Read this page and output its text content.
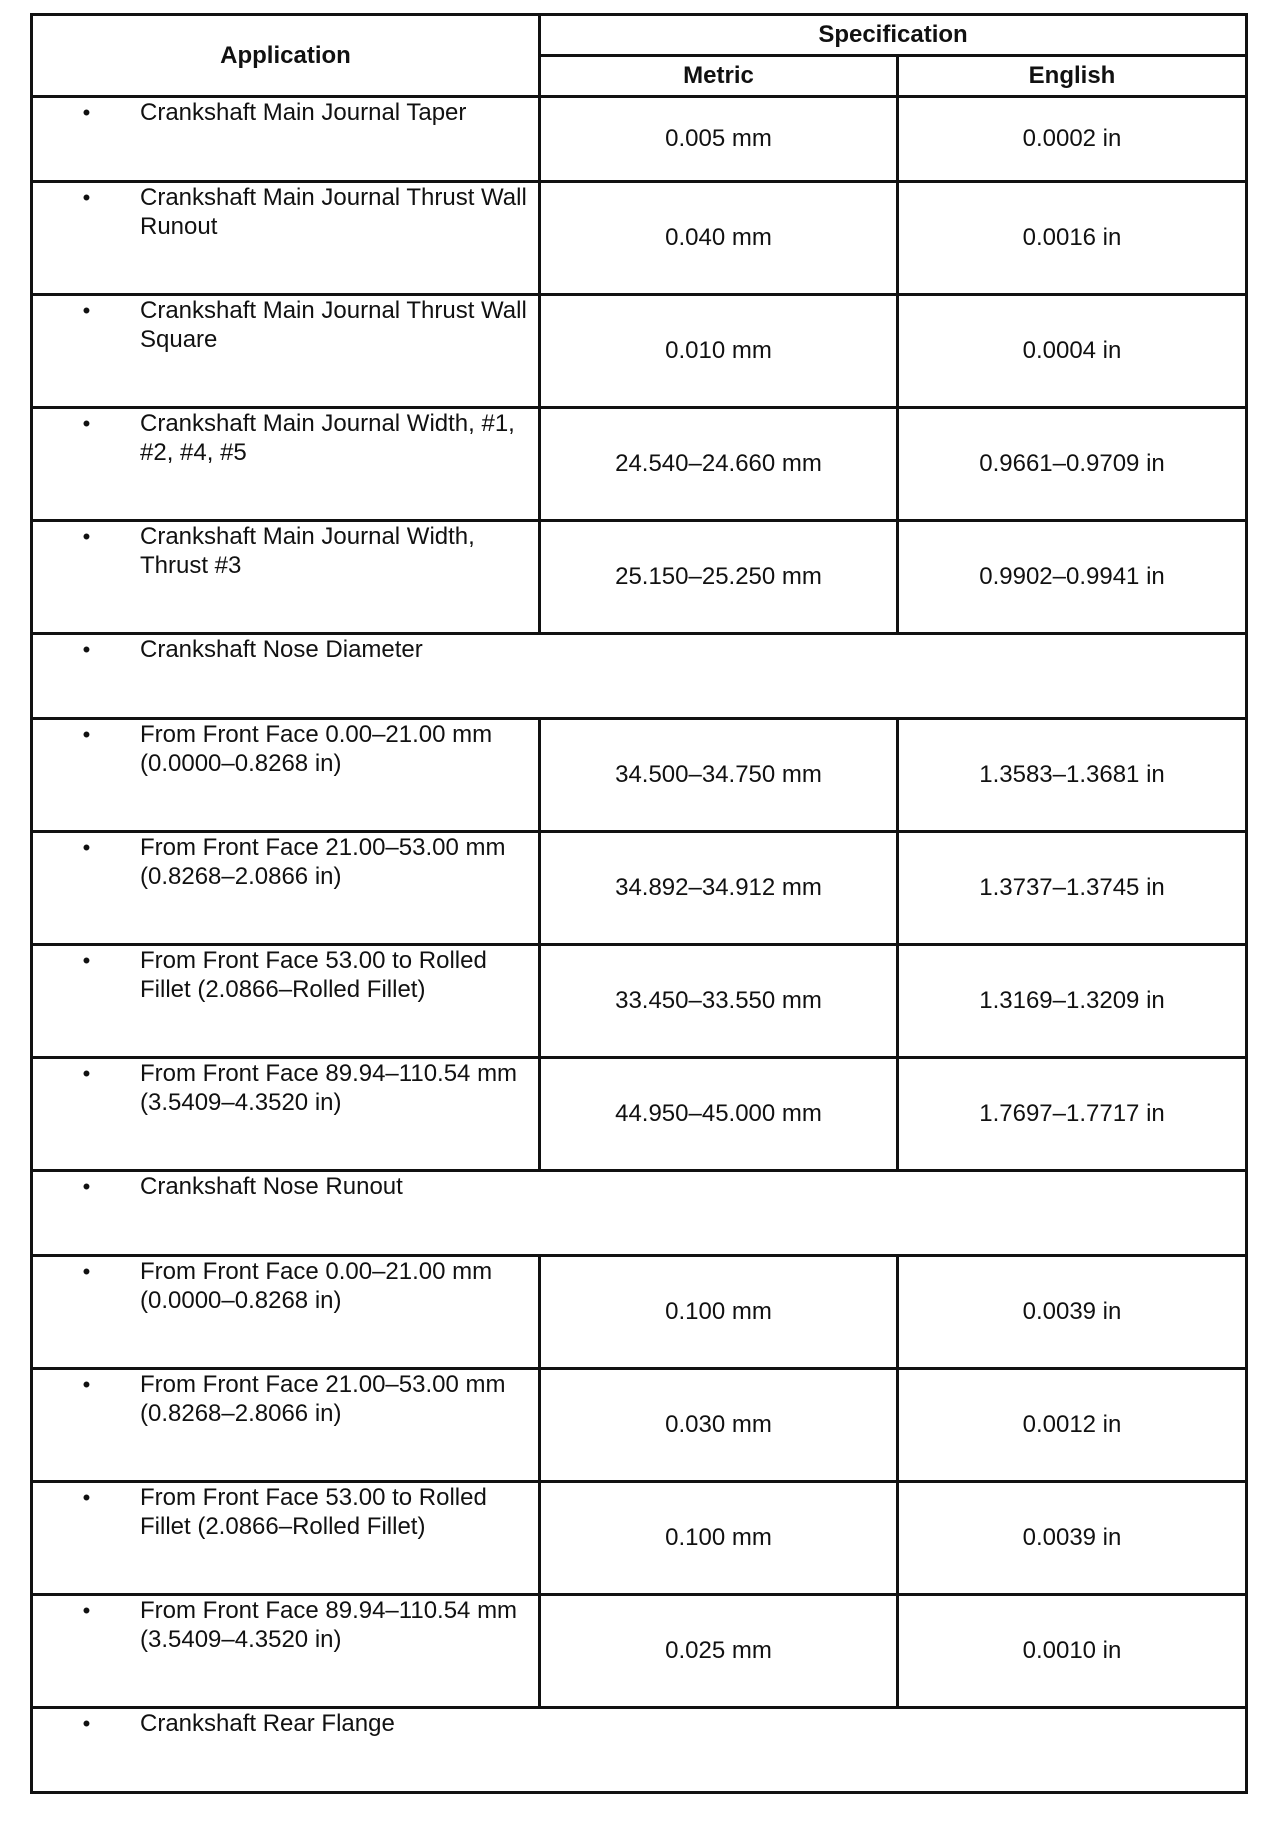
Application	Specification	
	Metric	English

• Crankshaft Main Journal Taper	0.005 mm	0.0002 in

• Crankshaft Main Journal Thrust Wall Runout	0.040 mm	0.0016 in

• Crankshaft Main Journal Thrust Wall Square	0.010 mm	0.0004 in

• Crankshaft Main Journal Width, #1, #2, #4, #5	24.540–24.660 mm	0.9661–0.9709 in

• Crankshaft Main Journal Width, Thrust #3	25.150–25.250 mm	0.9902–0.9941 in

• Crankshaft Nose Diameter		

• From Front Face 0.00–21.00 mm (0.0000–0.8268 in)	34.500–34.750 mm	1.3583–1.3681 in

• From Front Face 21.00–53.00 mm (0.8268–2.0866 in)	34.892–34.912 mm	1.3737–1.3745 in

• From Front Face 53.00 to Rolled Fillet (2.0866–Rolled Fillet)	33.450–33.550 mm	1.3169–1.3209 in

• From Front Face 89.94–110.54 mm (3.5409–4.3520 in)	44.950–45.000 mm	1.7697–1.7717 in

• Crankshaft Nose Runout		

• From Front Face 0.00–21.00 mm (0.0000–0.8268 in)	0.100 mm	0.0039 in

• From Front Face 21.00–53.00 mm (0.8268–2.8066 in)	0.030 mm	0.0012 in

• From Front Face 53.00 to Rolled Fillet (2.0866–Rolled Fillet)	0.100 mm	0.0039 in

• From Front Face 89.94–110.54 mm (3.5409–4.3520 in)	0.025 mm	0.0010 in

• Crankshaft Rear Flange		
